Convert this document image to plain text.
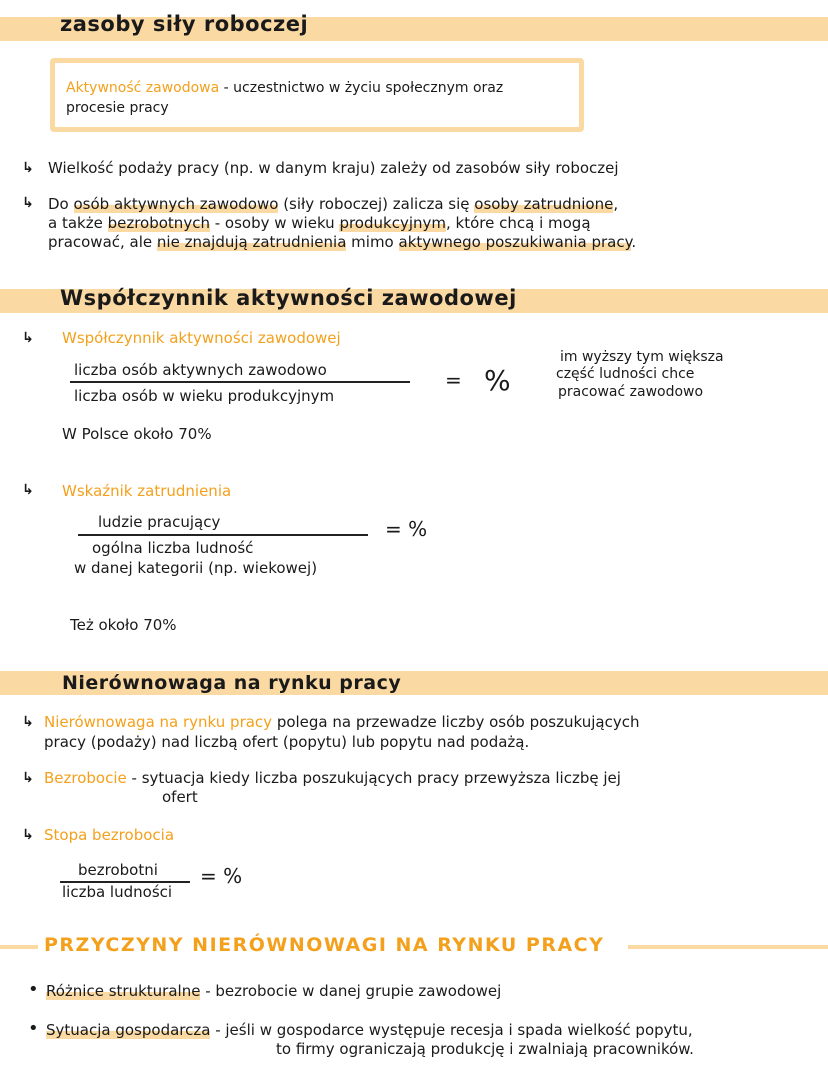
zasoby siły roboczej
Aktywność zawodowa - uczestnictwo w życiu społecznym oraz
procesie pracy
↳ Wielkość podaży pracy (np. w danym kraju) zależy od zasobów siły roboczej
↳ Do osób aktywnych zawodowo (siły roboczej) zalicza się osoby zatrudnione,
a także bezrobotnych - osoby w wieku produkcyjnym, które chcą i mogą
pracować, ale nie znajdują zatrudnienia mimo aktywnego poszukiwania pracy.
Współczynnik aktywności zawodowej
↳ Współczynnik aktywności zawodowej
liczba osób aktywnych zawodowo
liczba osób w wieku produkcyjnym
= %
im wyższy tym większa
część ludności chce
pracować zawodowo
W Polsce około 70%
↳ Wskaźnik zatrudnienia
ludzie pracujący
ogólna liczba ludność
w danej kategorii (np. wiekowej)
= %
Też około 70%
Nierównowaga na rynku pracy
↳ Nierównowaga na rynku pracy polega na przewadze liczby osób poszukujących
pracy (podaży) nad liczbą ofert (popytu) lub popytu nad podażą.
↳ Bezrobocie - sytuacja kiedy liczba poszukujących pracy przewyższa liczbę jej
ofert
↳ Stopa bezrobocia
bezrobotni
liczba ludności
= %
PRZYCZYNY NIERÓWNOWAGI NA RYNKU PRACY
• Różnice strukturalne - bezrobocie w danej grupie zawodowej
• Sytuacja gospodarcza - jeśli w gospodarce występuje recesja i spada wielkość popytu,
to firmy ograniczają produkcję i zwalniają pracowników.
